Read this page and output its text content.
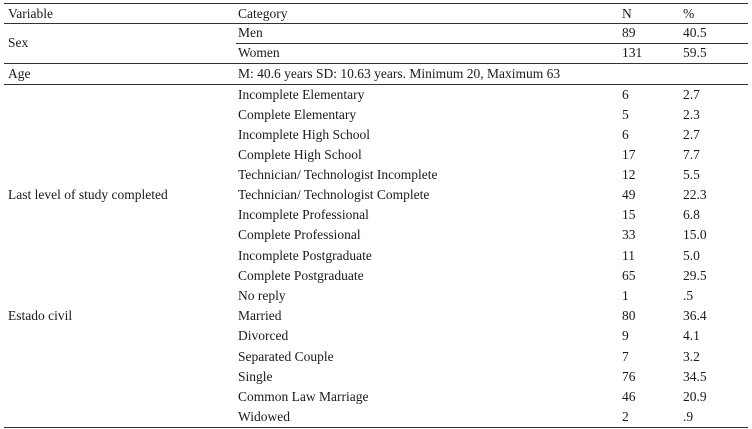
Variable	Category	N	%
Sex
Men	89	40.5
Women	131	59.5
Age	M: 40.6 years SD: 10.63 years. Minimum 20, Maximum 63
Last level of study completed
Incomplete Elementary	6	2.7
Complete Elementary	5	2.3
Incomplete High School	6	2.7
Complete High School	17	7.7
Technician/ Technologist Incomplete	12	5.5
Technician/ Technologist Complete	49	22.3
Incomplete Professional	15	6.8
Complete Professional	33	15.0
Incomplete Postgraduate	11	5.0
Complete Postgraduate	65	29.5
No reply	1	.5
Estado civil	Married	80	36.4
Divorced	9	4.1
Separated Couple	7	3.2
Single	76	34.5
Common Law Marriage	46	20.9
Widowed	2	.9
